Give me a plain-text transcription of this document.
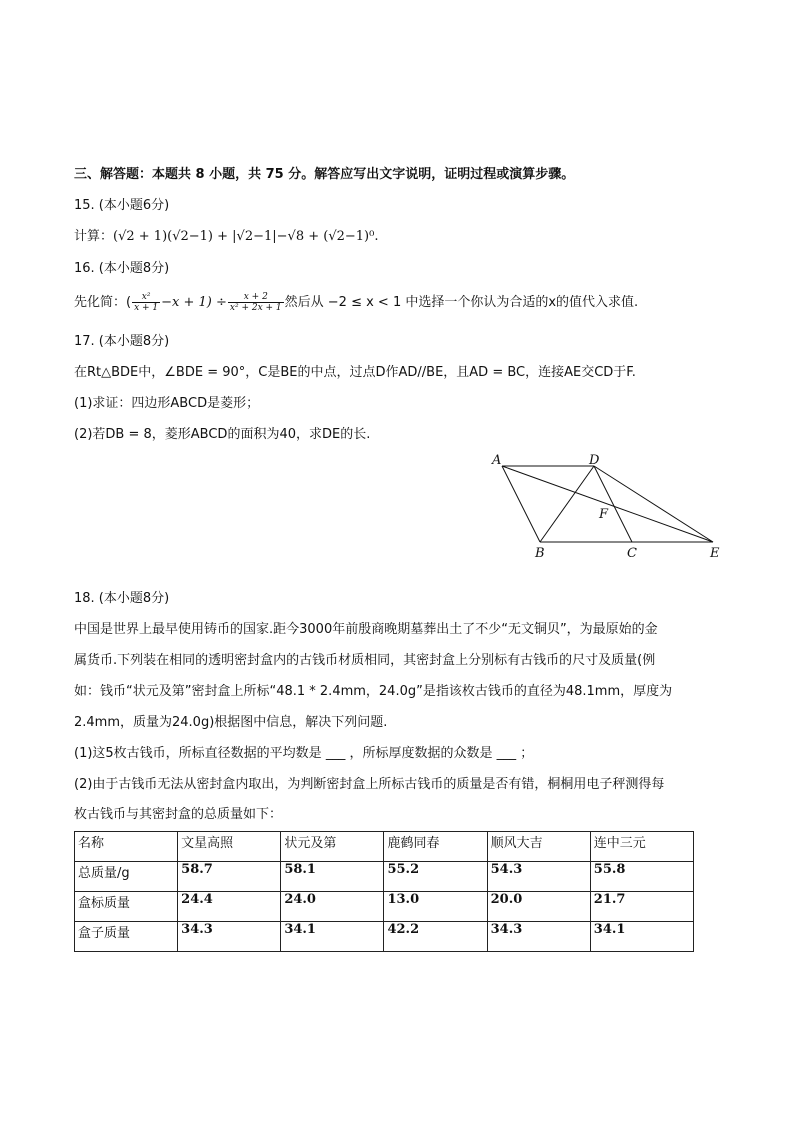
三、解答题：本题共 8 小题，共 75 分。解答应写出文字说明，证明过程或演算步骤。
15. (本小题6分)
计算：(√2 + 1)(√2−1) + |√2−1|−√8 + (√2−1)⁰.
16. (本小题8分)
先化简：( $\frac{\text{x²}}{x + 1} -x + 1) \div \frac{x + 2}{\text{x² + 2x + 1}}$ 然后从 −2 ≤ x < 1 中选择一个你认为合适的x的值代入求值.
17. (本小题8分)
在Rt△BDE中，∠BDE = 90°，C是BE的中点，过点D作AD//BE，且AD = BC，连接AE交CD于F.
(1)求证：四边形ABCD是菱形；
(2)若DB = 8，菱形ABCD的面积为40，求DE的长.
A	D
F
B	C	E
18. (本小题8分)
中国是世界上最早使用铸币的国家.距今3000年前殷商晚期墓葬出土了不少“无文铜贝”，为最原始的金
属货币.下列装在相同的透明密封盒内的古钱币材质相同，其密封盒上分别标有古钱币的尺寸及质量(例
如：钱币“状元及第”密封盒上所标“48.1 * 2.4mm，24.0g”是指该枚古钱币的直径为48.1mm，厚度为
2.4mm，质量为24.0g)根据图中信息，解决下列问题.
(1)这5枚古钱币，所标直径数据的平均数是 ___ ，所标厚度数据的众数是 ___ ；
(2)由于古钱币无法从密封盒内取出，为判断密封盒上所标古钱币的质量是否有错，桐桐用电子秤测得每
枚古钱币与其密封盒的总质量如下：
名称	文星高照	状元及第	鹿鹤同春	顺风大吉	连中三元
总质量/g	58.7	58.1	55.2	54.3	55.8
盒标质量	24.4	24.0	13.0	20.0	21.7
盒子质量	34.3	34.1	42.2	34.3	34.1
